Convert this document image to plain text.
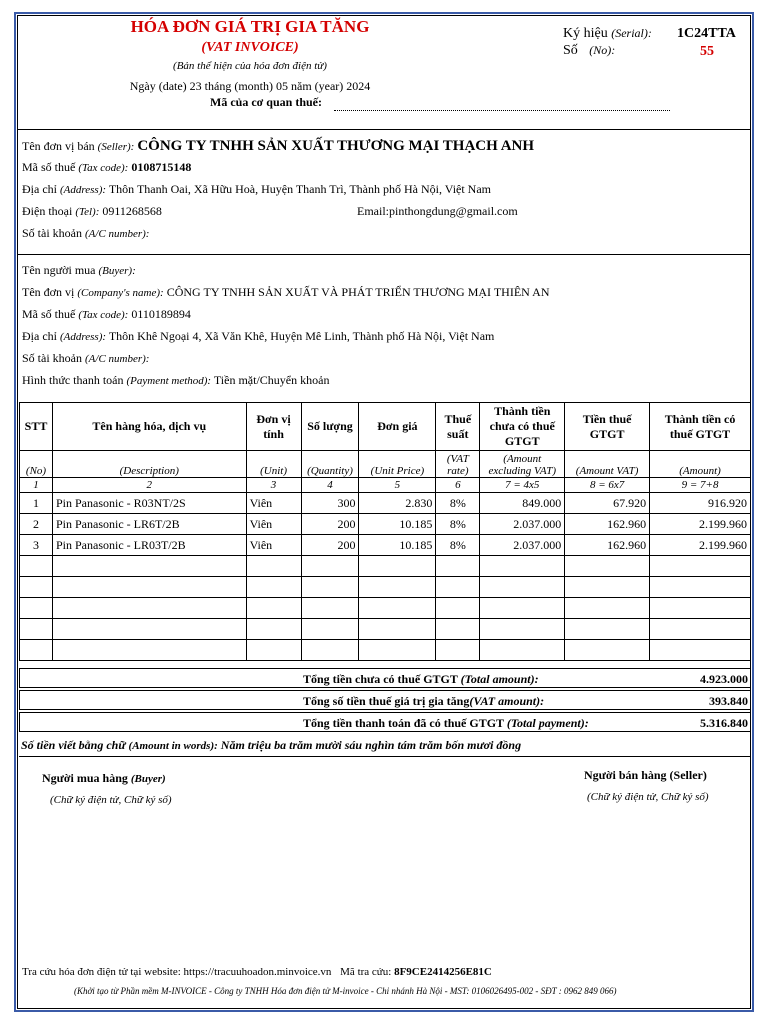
HÓA ĐƠN GIÁ TRỊ GIA TĂNG
(VAT INVOICE)
(Bản thể hiện của hóa đơn điện tử)
Ngày (date) 23 tháng (month) 05 năm (year) 2024
Mã của cơ quan thuế:
Ký hiệu (Serial): 1C24TTA
Số (No):	55
Tên đơn vị bán (Seller): CÔNG TY TNHH SẢN XUẤT THƯƠNG MẠI THẠCH ANH
Mã số thuế (Tax code): 0108715148
Địa chỉ (Address): Thôn Thanh Oai, Xã Hữu Hoà, Huyện Thanh Trì, Thành phố Hà Nội, Việt Nam
Điện thoại (Tel): 0911268568	Email:pinthongdung@gmail.com
Số tài khoản (A/C number):
Tên người mua (Buyer):
Tên đơn vị (Company's name): CÔNG TY TNHH SẢN XUẤT VÀ PHÁT TRIỂN THƯƠNG MẠI THIÊN AN
Mã số thuế (Tax code): 0110189894
Địa chỉ (Address): Thôn Khê Ngoại 4, Xã Văn Khê, Huyện Mê Linh, Thành phố Hà Nội, Việt Nam
Số tài khoản (A/C number):
Hình thức thanh toán (Payment method): Tiền mặt/Chuyển khoản
STT	Tên hàng hóa, dịch vụ	Đơn vị tính	Số lượng	Đơn giá	Thuế suất	Thành tiền chưa có thuế GTGT	Tiền thuế GTGT	Thành tiền có thuế GTGT
(No)	(Description)	(Unit)	(Quantity)	(Unit Price)	(VAT rate)	(Amount excluding VAT)	(Amount VAT)	(Amount)
1	2	3	4	5	6	7 = 4x5	8 = 6x7	9 = 7+8
1	Pin Panasonic - R03NT/2S	Viên	300	2.830	8%	849.000	67.920	916.920
2	Pin Panasonic - LR6T/2B	Viên	200	10.185	8%	2.037.000	162.960	2.199.960
3	Pin Panasonic - LR03T/2B	Viên	200	10.185	8%	2.037.000	162.960	2.199.960

Tổng tiền chưa có thuế GTGT (Total amount):	4.923.000
Tổng số tiền thuế giá trị gia tăng(VAT amount):	393.840
Tổng tiền thanh toán đã có thuế GTGT (Total payment):	5.316.840
Số tiền viết bằng chữ (Amount in words): Năm triệu ba trăm mười sáu nghìn tám trăm bốn mươi đồng
Người mua hàng (Buyer)
(Chữ ký điện tử, Chữ ký số)
Người bán hàng (Seller)
(Chữ ký điện tử, Chữ ký số)
Tra cứu hóa đơn điện tử tại website: https://tracuuhoadon.minvoice.vn Mã tra cứu: 8F9CE2414256E81C
(Khởi tạo từ Phần mềm M-INVOICE - Công ty TNHH Hóa đơn điện tử M-invoice - Chi nhánh Hà Nội - MST: 0106026495-002 - SĐT : 0962 849 066)
